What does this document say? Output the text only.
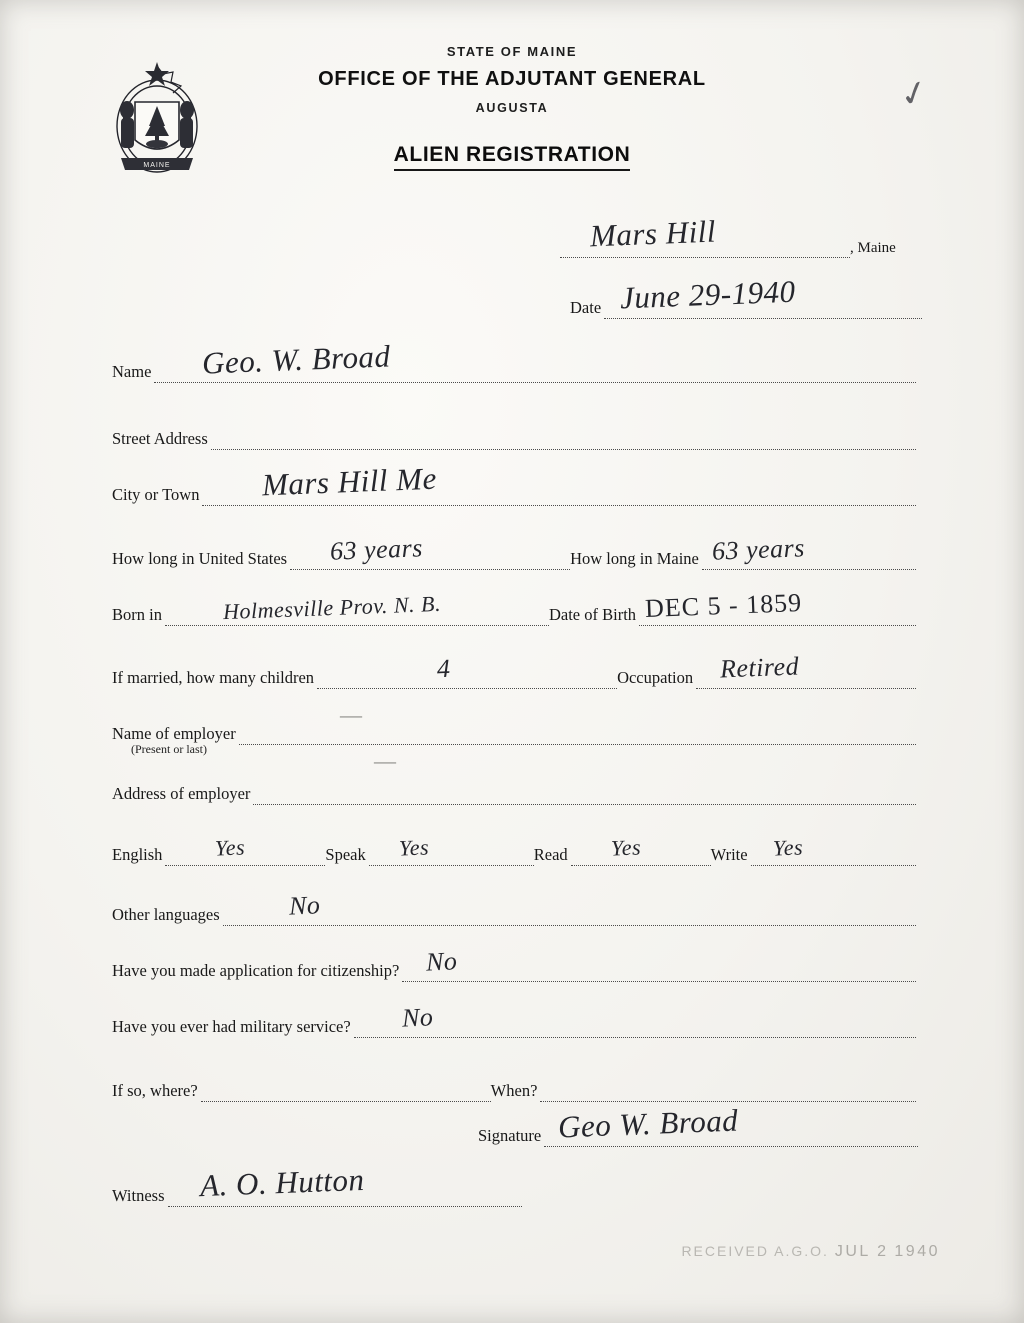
MAINE
✓
STATE OF MAINE
OFFICE OF THE ADJUTANT GENERAL
AUGUSTA
ALIEN REGISTRATION
Mars Hill	, Maine
Date June 29-1940
Name Geo. W. Broad
Street Address
City or Town Mars Hill Me
How long in United States 63 years	How long in Maine 63 years
Born in	Holmesville Prov. N. B.	Date of Birth DEC 5 - 1859
If married, how many children	4	Occupation Retired
Name of employer
(Present or last)
Address of employer
English Yes	Speak Yes	Read Yes	Write Yes
Other languages	No
Have you made application for citizenship? No
Have you ever had military service? No
If so, where?	When?
Signature Geo W. Broad
Witness A. O. Hutton
—
—
RECEIVED A.G.O. JUL 2 1940
